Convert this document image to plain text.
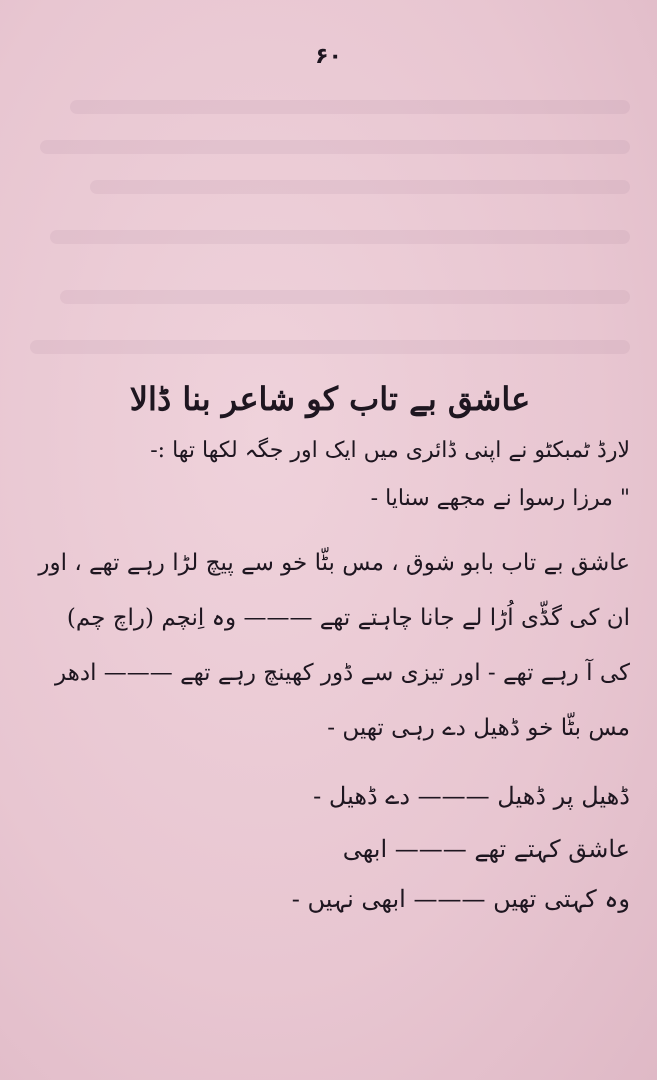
۶۰
عاشق بے تاب کو شاعر بنا ڈالا

لارڈ ٹمبکٹو نے اپنی ڈائری میں ایک اور جگہ لکھا تھا :-

" مرزا رسوا نے مجھے سنایا -

عاشق بے تاب بابو شوق ، مس بٹّا خو سے پیچ لڑا رہے تھے ، اور ان کی گڈّی اُڑا لے جانا چاہتے تھے ——— وہ اِنچم (راچ چم) کی آ رہے تھے - اور تیزی سے ڈور کھینچ رہے تھے ——— ادھر مس بٹّا خو ڈھیل دے رہی تھیں -

ڈھیل پر ڈھیل ——— دے ڈھیل -

عاشق کہتے تھے ——— ابھی

وہ کہتی تھیں ——— ابھی نہیں -
